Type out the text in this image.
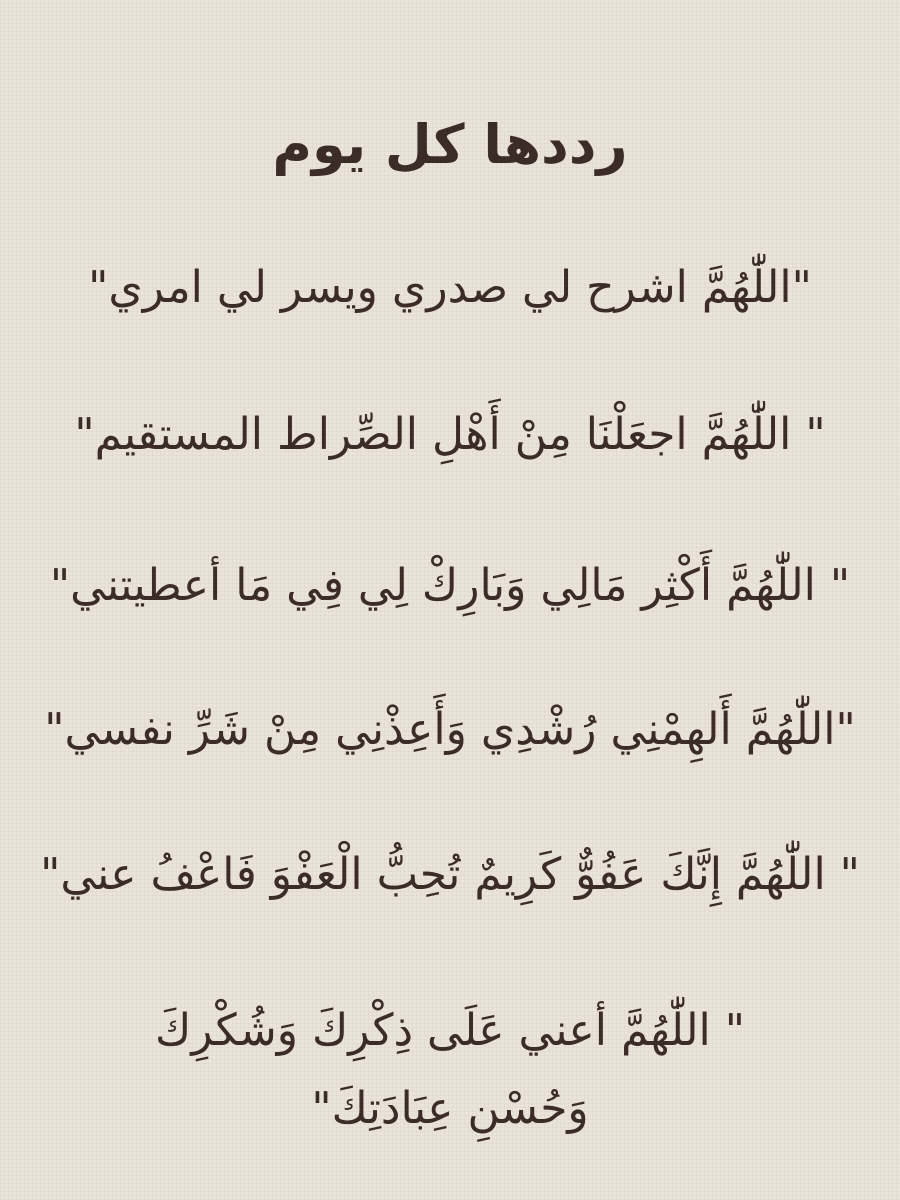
رددها كل يوم

"اللّٰهُمَّ اشرح لي صدري ويسر لي امري"

" اللّٰهُمَّ اجعَلْنَا مِنْ أَهْلِ الصِّراط المستقيم"

" اللّٰهُمَّ أَكْثِر مَالِي وَبَارِكْ لِي فِي مَا أعطيتني"

"اللّٰهُمَّ أَلهِمْنِي رُشْدِي وَأَعِذْنِي مِنْ شَرِّ نفسي"

" اللّٰهُمَّ إِنَّكَ عَفُوٌّ كَرِيمٌ تُحِبُّ الْعَفْوَ فَاعْفُ عني"

" اللّٰهُمَّ أعني عَلَى ذِكْرِكَ وَشُكْرِكَ وَحُسْنِ عِبَادَتِكَ"
